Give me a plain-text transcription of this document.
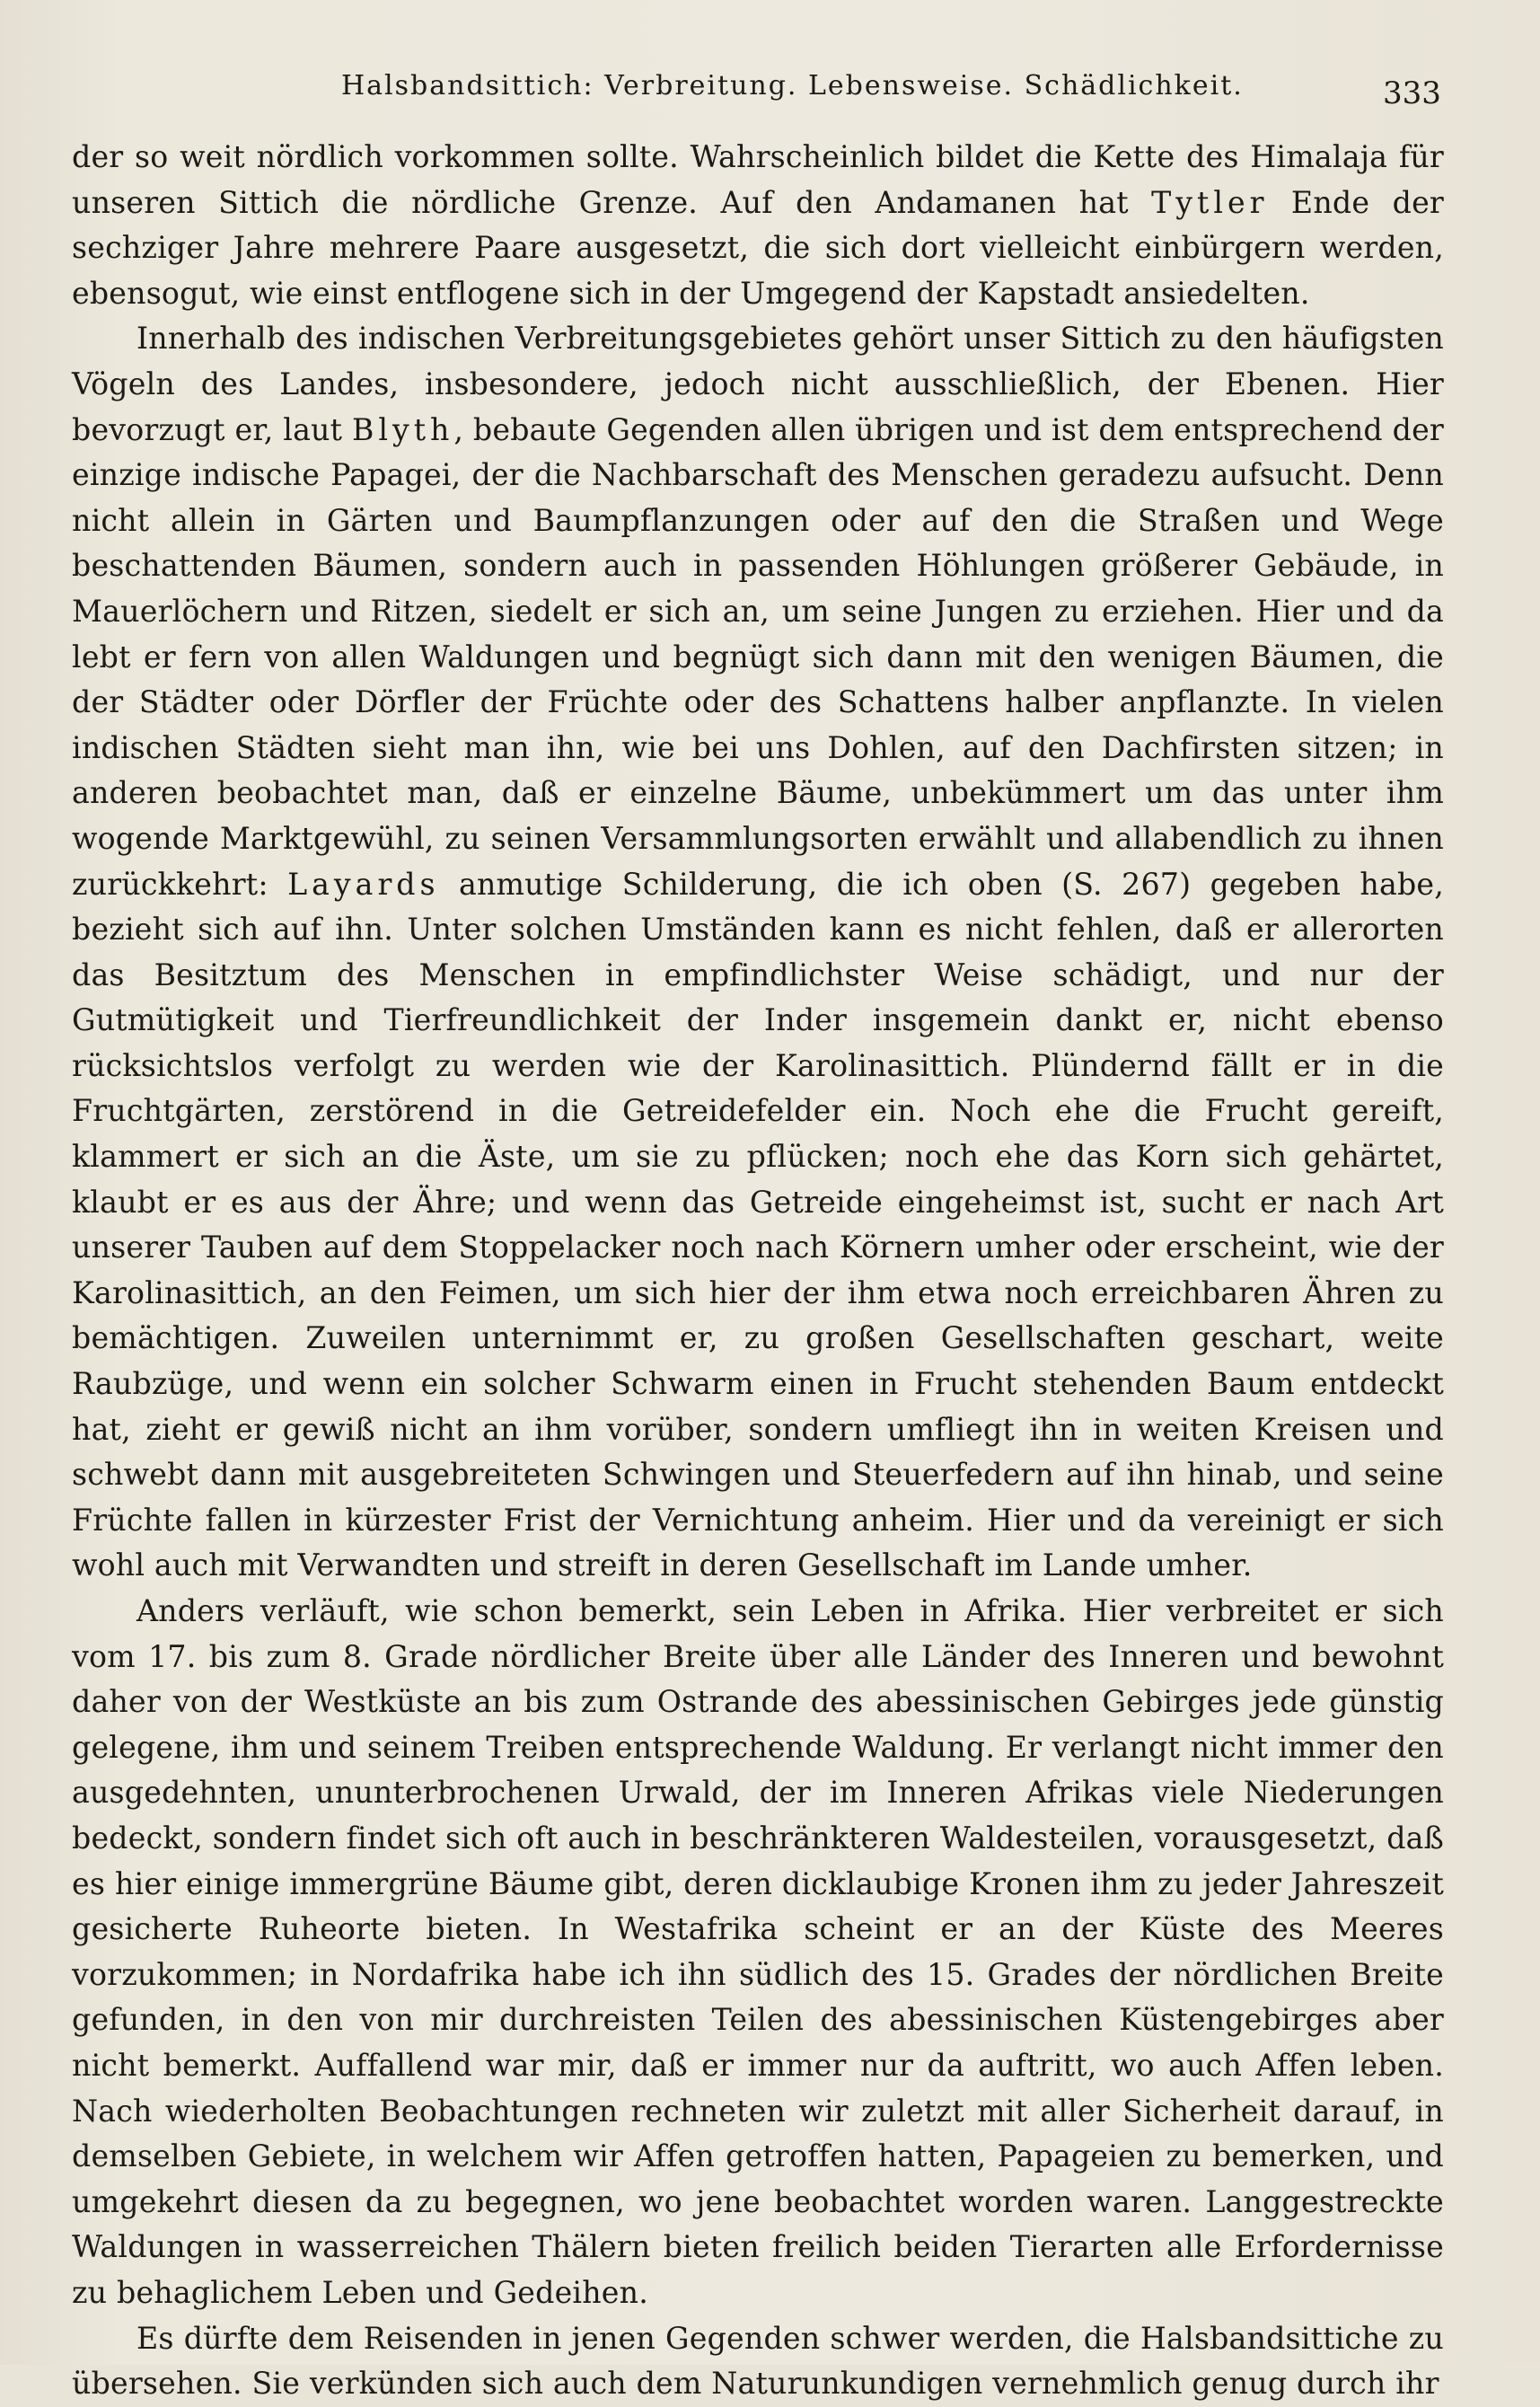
Halsbandsittich: Verbreitung. Lebensweise. Schädlichkeit.	333

der so weit nördlich vorkommen sollte. Wahrscheinlich bildet die Kette des Himalaja für unseren Sittich die nördliche Grenze. Auf den Andamanen hat Tytler Ende der sechziger Jahre mehrere Paare ausgesetzt, die sich dort vielleicht einbürgern werden, ebensogut, wie einst entflogene sich in der Umgegend der Kapstadt ansiedelten.

Innerhalb des indischen Verbreitungsgebietes gehört unser Sittich zu den häufigsten Vögeln des Landes, insbesondere, jedoch nicht ausschließlich, der Ebenen. Hier bevorzugt er, laut Blyth, bebaute Gegenden allen übrigen und ist dem entsprechend der einzige indische Papagei, der die Nachbarschaft des Menschen geradezu aufsucht. Denn nicht allein in Gärten und Baumpflanzungen oder auf den die Straßen und Wege beschattenden Bäumen, sondern auch in passenden Höhlungen größerer Gebäude, in Mauerlöchern und Ritzen, siedelt er sich an, um seine Jungen zu erziehen. Hier und da lebt er fern von allen Waldungen und begnügt sich dann mit den wenigen Bäumen, die der Städter oder Dörfler der Früchte oder des Schattens halber anpflanzte. In vielen indischen Städten sieht man ihn, wie bei uns Dohlen, auf den Dachfirsten sitzen; in anderen beobachtet man, daß er einzelne Bäume, unbekümmert um das unter ihm wogende Marktgewühl, zu seinen Versammlungsorten erwählt und allabendlich zu ihnen zurückkehrt: Layards anmutige Schilderung, die ich oben (S. 267) gegeben habe, bezieht sich auf ihn. Unter solchen Umständen kann es nicht fehlen, daß er allerorten das Besitztum des Menschen in empfindlichster Weise schädigt, und nur der Gutmütigkeit und Tierfreundlichkeit der Inder insgemein dankt er, nicht ebenso rücksichtslos verfolgt zu werden wie der Karolinasittich. Plündernd fällt er in die Fruchtgärten, zerstörend in die Getreidefelder ein. Noch ehe die Frucht gereift, klammert er sich an die Äste, um sie zu pflücken; noch ehe das Korn sich gehärtet, klaubt er es aus der Ähre; und wenn das Getreide eingeheimst ist, sucht er nach Art unserer Tauben auf dem Stoppelacker noch nach Körnern umher oder erscheint, wie der Karolinasittich, an den Feimen, um sich hier der ihm etwa noch erreichbaren Ähren zu bemächtigen. Zuweilen unternimmt er, zu großen Gesellschaften geschart, weite Raubzüge, und wenn ein solcher Schwarm einen in Frucht stehenden Baum entdeckt hat, zieht er gewiß nicht an ihm vorüber, sondern umfliegt ihn in weiten Kreisen und schwebt dann mit ausgebreiteten Schwingen und Steuerfedern auf ihn hinab, und seine Früchte fallen in kürzester Frist der Vernichtung anheim. Hier und da vereinigt er sich wohl auch mit Verwandten und streift in deren Gesellschaft im Lande umher.

Anders verläuft, wie schon bemerkt, sein Leben in Afrika. Hier verbreitet er sich vom 17. bis zum 8. Grade nördlicher Breite über alle Länder des Inneren und bewohnt daher von der Westküste an bis zum Ostrande des abessinischen Gebirges jede günstig gelegene, ihm und seinem Treiben entsprechende Waldung. Er verlangt nicht immer den ausgedehnten, ununterbrochenen Urwald, der im Inneren Afrikas viele Niederungen bedeckt, sondern findet sich oft auch in beschränkteren Waldesteilen, vorausgesetzt, daß es hier einige immergrüne Bäume gibt, deren dicklaubige Kronen ihm zu jeder Jahreszeit gesicherte Ruheorte bieten. In Westafrika scheint er an der Küste des Meeres vorzukommen; in Nordafrika habe ich ihn südlich des 15. Grades der nördlichen Breite gefunden, in den von mir durchreisten Teilen des abessinischen Küstengebirges aber nicht bemerkt. Auffallend war mir, daß er immer nur da auftritt, wo auch Affen leben. Nach wiederholten Beobachtungen rechneten wir zuletzt mit aller Sicherheit darauf, in demselben Gebiete, in welchem wir Affen getroffen hatten, Papageien zu bemerken, und umgekehrt diesen da zu begegnen, wo jene beobachtet worden waren. Langgestreckte Waldungen in wasserreichen Thälern bieten freilich beiden Tierarten alle Erfordernisse zu behaglichem Leben und Gedeihen.

Es dürfte dem Reisenden in jenen Gegenden schwer werden, die Halsbandsittiche zu übersehen. Sie verkünden sich auch dem Naturunkundigen vernehmlich genug durch ihr
